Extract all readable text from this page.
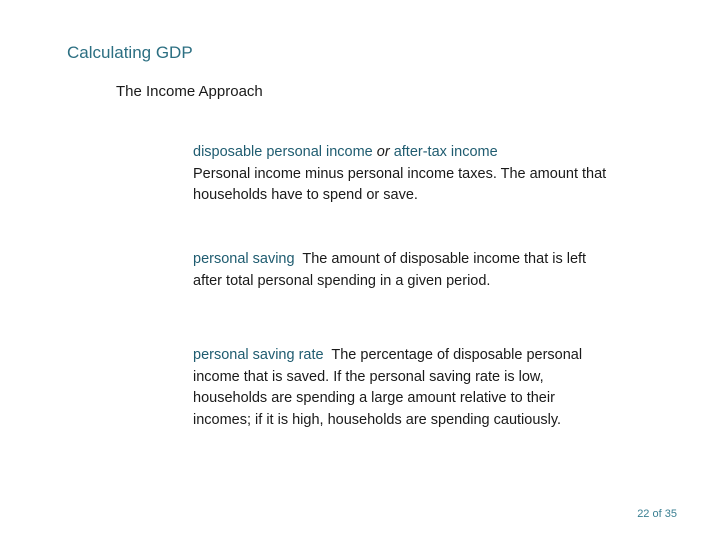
Calculating GDP
The Income Approach

disposable personal income or after-tax income
Personal income minus personal income taxes. The amount that households have to spend or save.

personal saving The amount of disposable income that is left after total personal spending in a given period.

personal saving rate The percentage of disposable personal income that is saved. If the personal saving rate is low, households are spending a large amount relative to their incomes; if it is high, households are spending cautiously.

22 of 35
